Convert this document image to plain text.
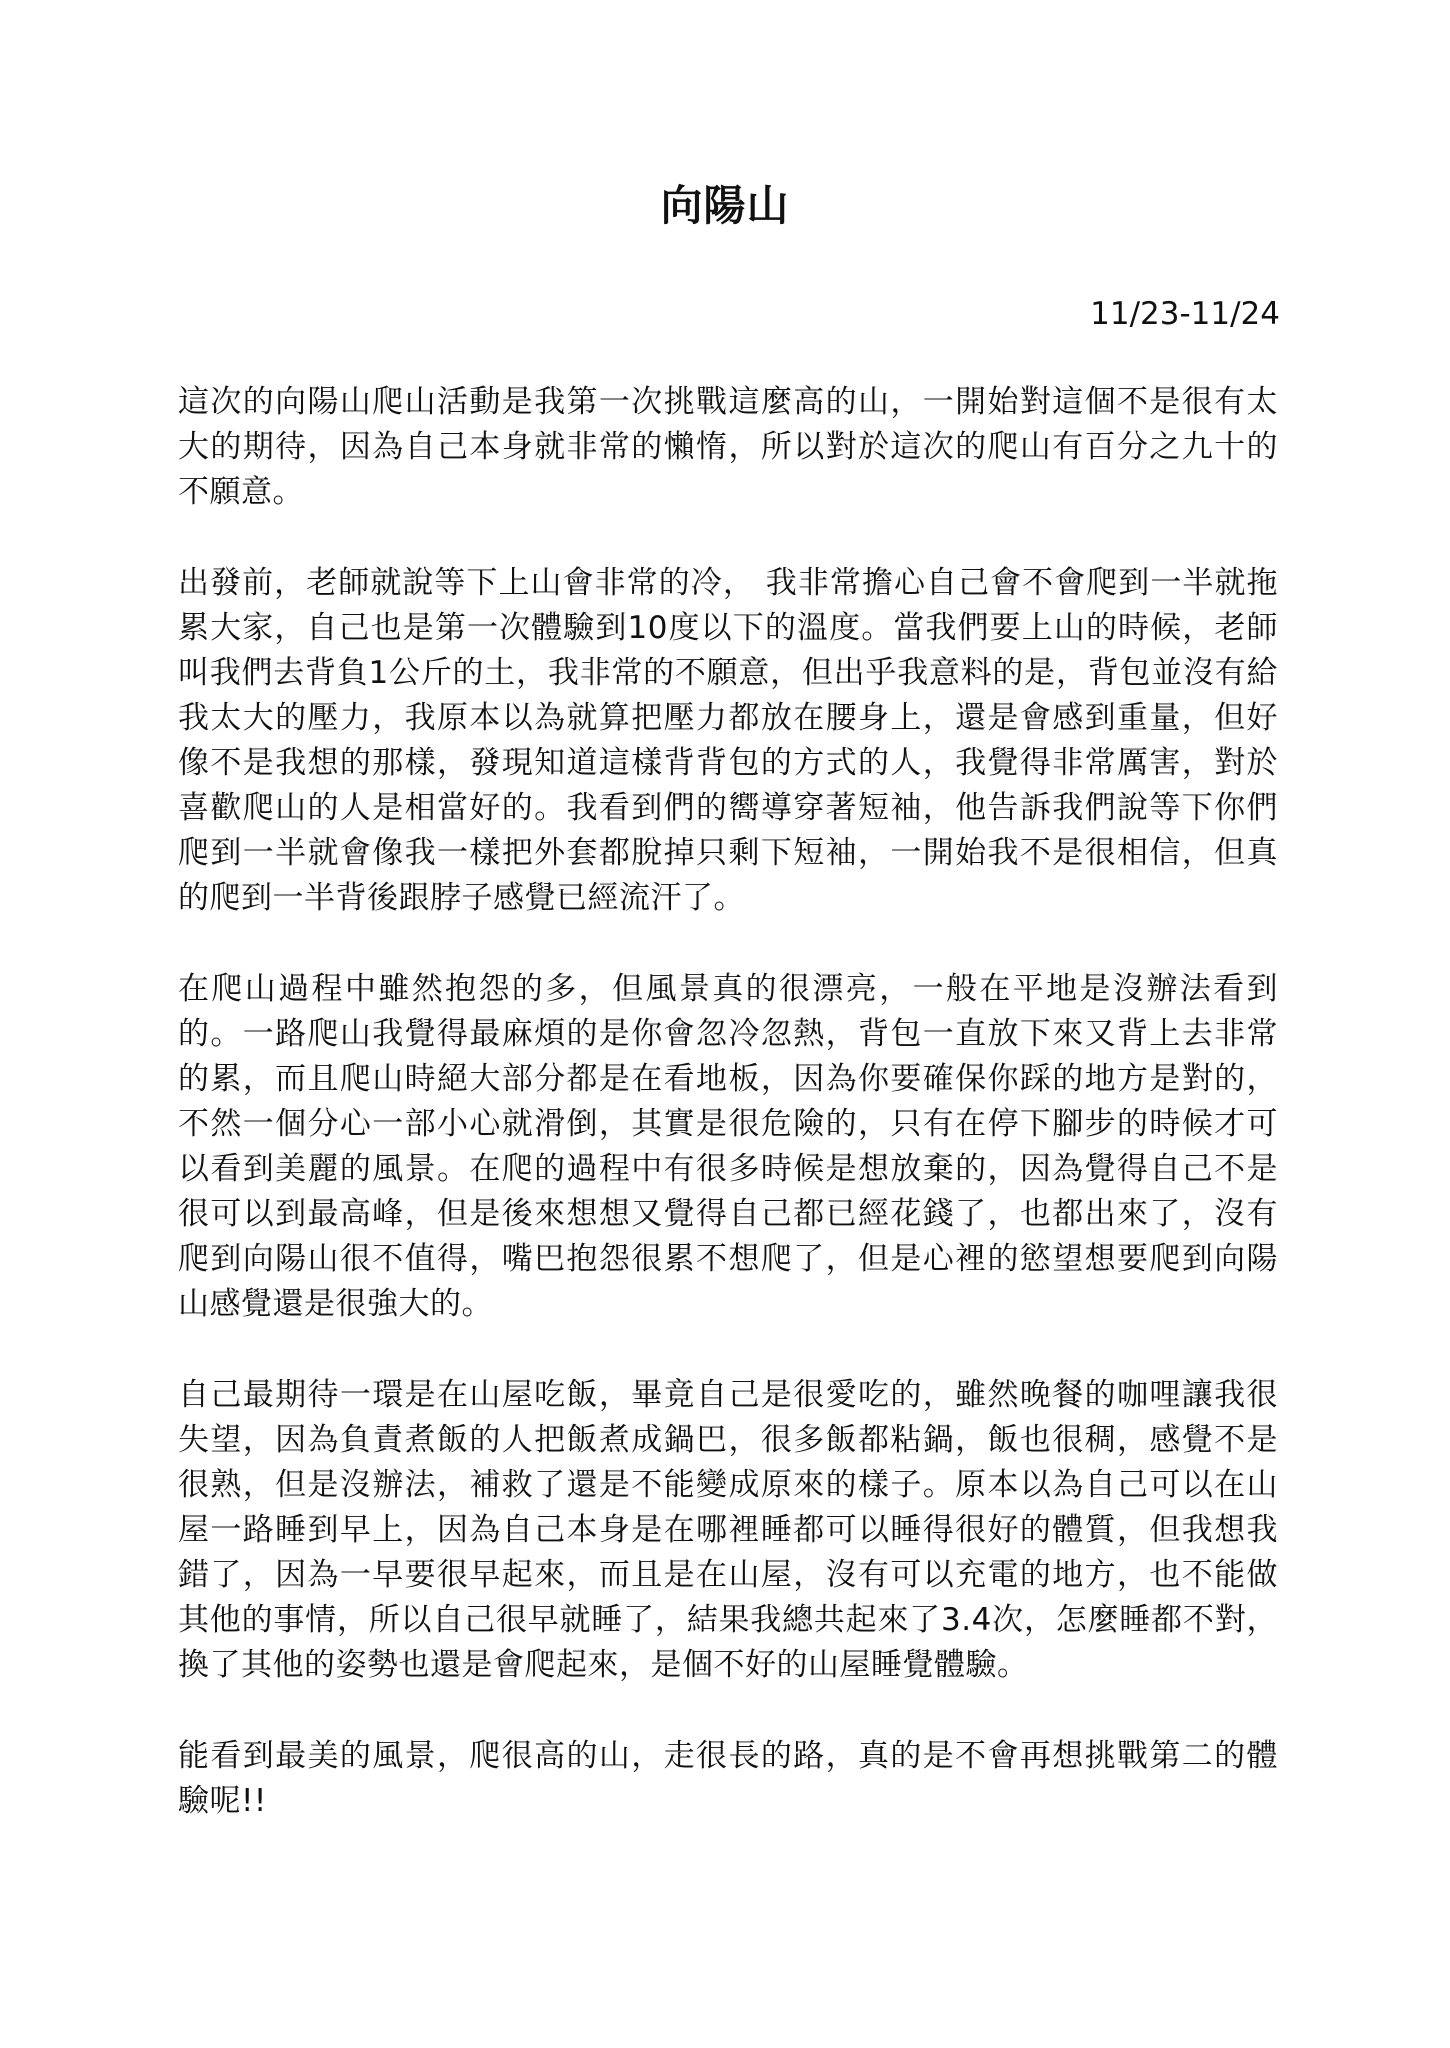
向陽山

11/23-11/24

這次的向陽山爬山活動是我第一次挑戰這麼高的山，一開始對這個不是很有太大的期待，因為自己本身就非常的懶惰，所以對於這次的爬山有百分之九十的不願意。

出發前，老師就說等下上山會非常的冷， 我非常擔心自己會不會爬到一半就拖累大家，自己也是第一次體驗到10度以下的溫度。當我們要上山的時候，老師叫我們去背負1公斤的土，我非常的不願意，但出乎我意料的是，背包並沒有給我太大的壓力，我原本以為就算把壓力都放在腰身上，還是會感到重量，但好像不是我想的那樣，發現知道這樣背背包的方式的人，我覺得非常厲害，對於喜歡爬山的人是相當好的。我看到們的嚮導穿著短袖，他告訴我們說等下你們爬到一半就會像我一樣把外套都脫掉只剩下短袖，一開始我不是很相信，但真的爬到一半背後跟脖子感覺已經流汗了。

在爬山過程中雖然抱怨的多，但風景真的很漂亮，一般在平地是沒辦法看到的。一路爬山我覺得最麻煩的是你會忽冷忽熱，背包一直放下來又背上去非常的累，而且爬山時絕大部分都是在看地板，因為你要確保你踩的地方是對的，不然一個分心一部小心就滑倒，其實是很危險的，只有在停下腳步的時候才可以看到美麗的風景。在爬的過程中有很多時候是想放棄的，因為覺得自己不是很可以到最高峰，但是後來想想又覺得自己都已經花錢了，也都出來了，沒有爬到向陽山很不值得，嘴巴抱怨很累不想爬了，但是心裡的慾望想要爬到向陽山感覺還是很強大的。

自己最期待一環是在山屋吃飯，畢竟自己是很愛吃的，雖然晚餐的咖哩讓我很失望，因為負責煮飯的人把飯煮成鍋巴，很多飯都粘鍋，飯也很稠，感覺不是很熟，但是沒辦法，補救了還是不能變成原來的樣子。原本以為自己可以在山屋一路睡到早上，因為自己本身是在哪裡睡都可以睡得很好的體質，但我想我錯了，因為一早要很早起來，而且是在山屋，沒有可以充電的地方，也不能做其他的事情，所以自己很早就睡了，結果我總共起來了3.4次，怎麼睡都不對，換了其他的姿勢也還是會爬起來，是個不好的山屋睡覺體驗。

能看到最美的風景，爬很高的山，走很長的路，真的是不會再想挑戰第二的體驗呢!!
